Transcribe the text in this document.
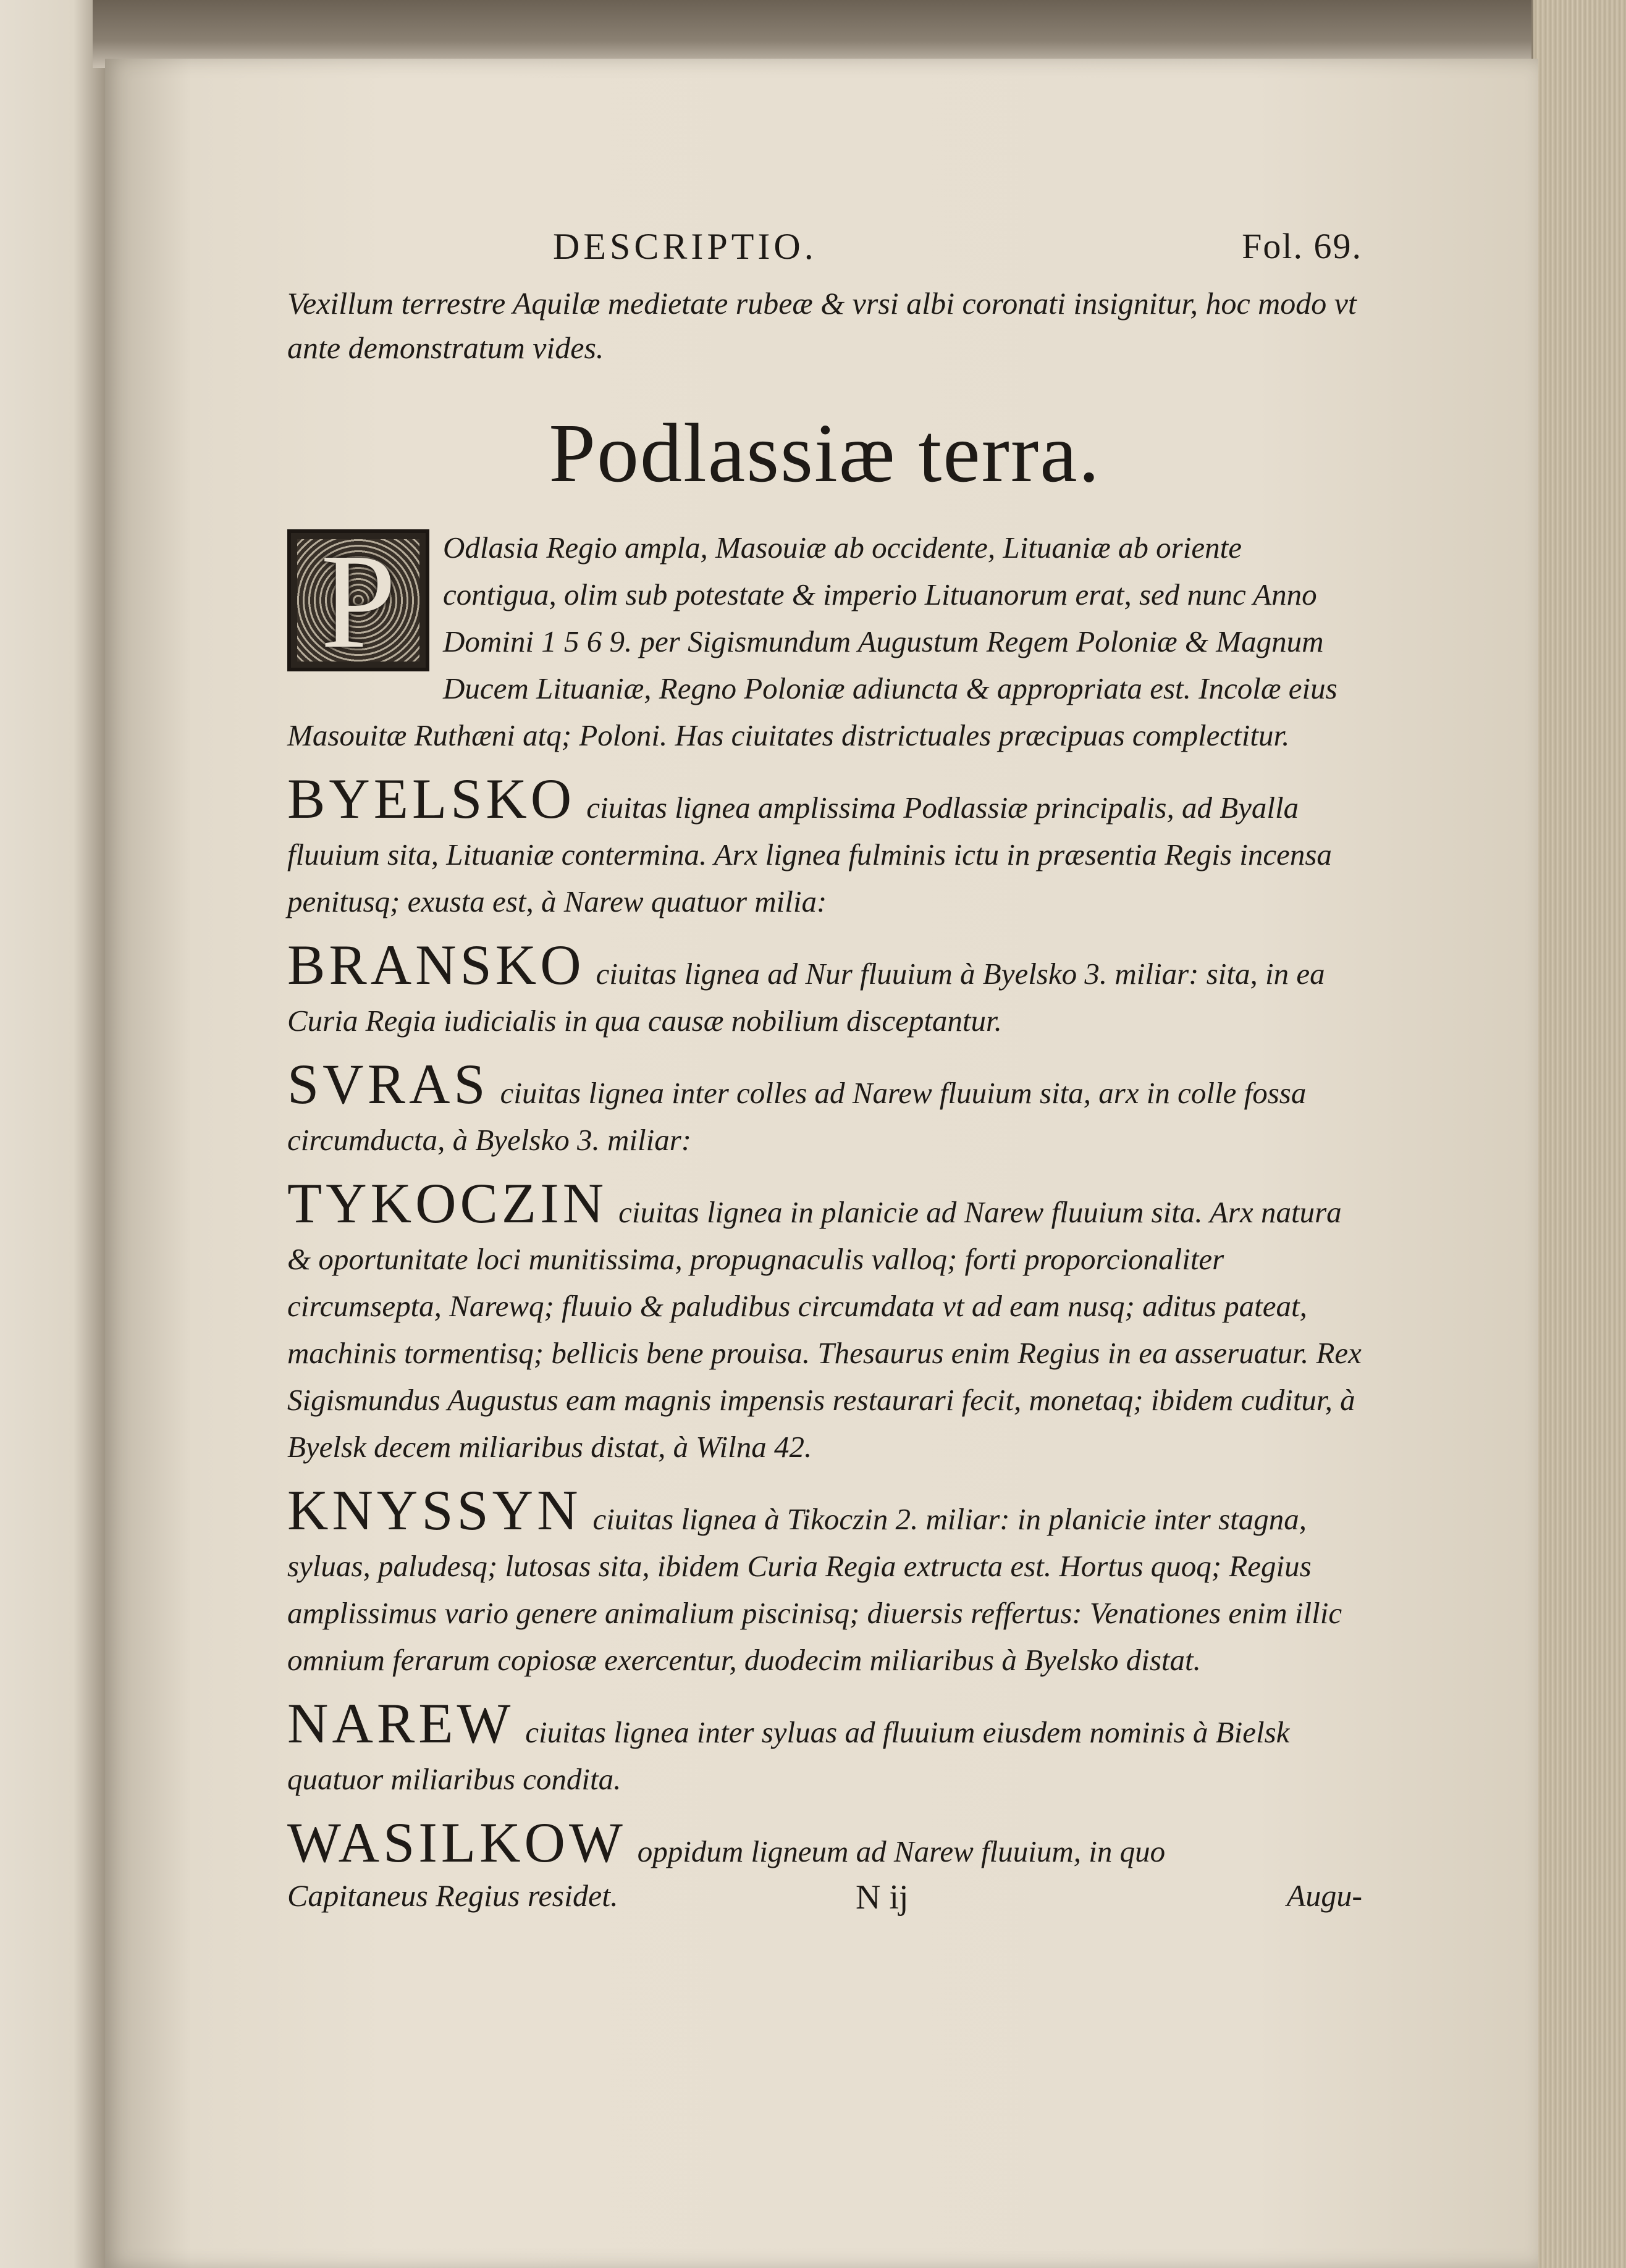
DESCRIPTIO.	Fol. 69.
Vexillum terrestre Aquilæ medietate rubeæ & vrsi albi coronati insignitur, hoc modo vt ante demonstratum vides.
Podlassiæ terra.
P	Odlasia Regio ampla, Masouiæ ab occidente, Lituaniæ ab oriente contigua, olim sub potestate & imperio Lituanorum erat, sed nunc Anno Domini 1 5 6 9. per Sigismundum Augustum Regem Poloniæ & Magnum Ducem Lituaniæ, Regno Poloniæ adiuncta & appropriata est. Incolæ eius Masouitæ Ruthæni atq; Poloni. Has ciuitates districtuales præcipuas complectitur.
BYELSKO ciuitas lignea amplissima Podlassiæ principalis, ad Byalla fluuium sita, Lituaniæ contermina. Arx lignea fulminis ictu in præsentia Regis incensa penitusq; exusta est, à Narew quatuor milia:
BRANSKO ciuitas lignea ad Nur fluuium à Byelsko 3. miliar: sita, in ea Curia Regia iudicialis in qua causæ nobilium disceptantur.
SVRAS ciuitas lignea inter colles ad Narew fluuium sita, arx in colle fossa circumducta, à Byelsko 3. miliar:
TYKOCZIN ciuitas lignea in planicie ad Narew fluuium sita. Arx natura & oportunitate loci munitissima, propugnaculis valloq; forti proporcionaliter circumsepta, Narewq; fluuio & paludibus circumdata vt ad eam nusq; aditus pateat, machinis tormentisq; bellicis bene prouisa. Thesaurus enim Regius in ea asseruatur. Rex Sigismundus Augustus eam magnis impensis restaurari fecit, monetaq; ibidem cuditur, à Byelsk decem miliaribus distat, à Wilna 42.
KNYSSYN ciuitas lignea à Tikoczin 2. miliar: in planicie inter stagna, syluas, paludesq; lutosas sita, ibidem Curia Regia extructa est. Hortus quoq; Regius amplissimus vario genere animalium piscinisq; diuersis reffertus: Venationes enim illic omnium ferarum copiosæ exercentur, duodecim miliaribus à Byelsko distat.
NAREW ciuitas lignea inter syluas ad fluuium eiusdem nominis à Bielsk quatuor miliaribus condita.
WASILKOW oppidum ligneum ad Narew fluuium, in quo
Capitaneus Regius residet.	N ij	Augu-
